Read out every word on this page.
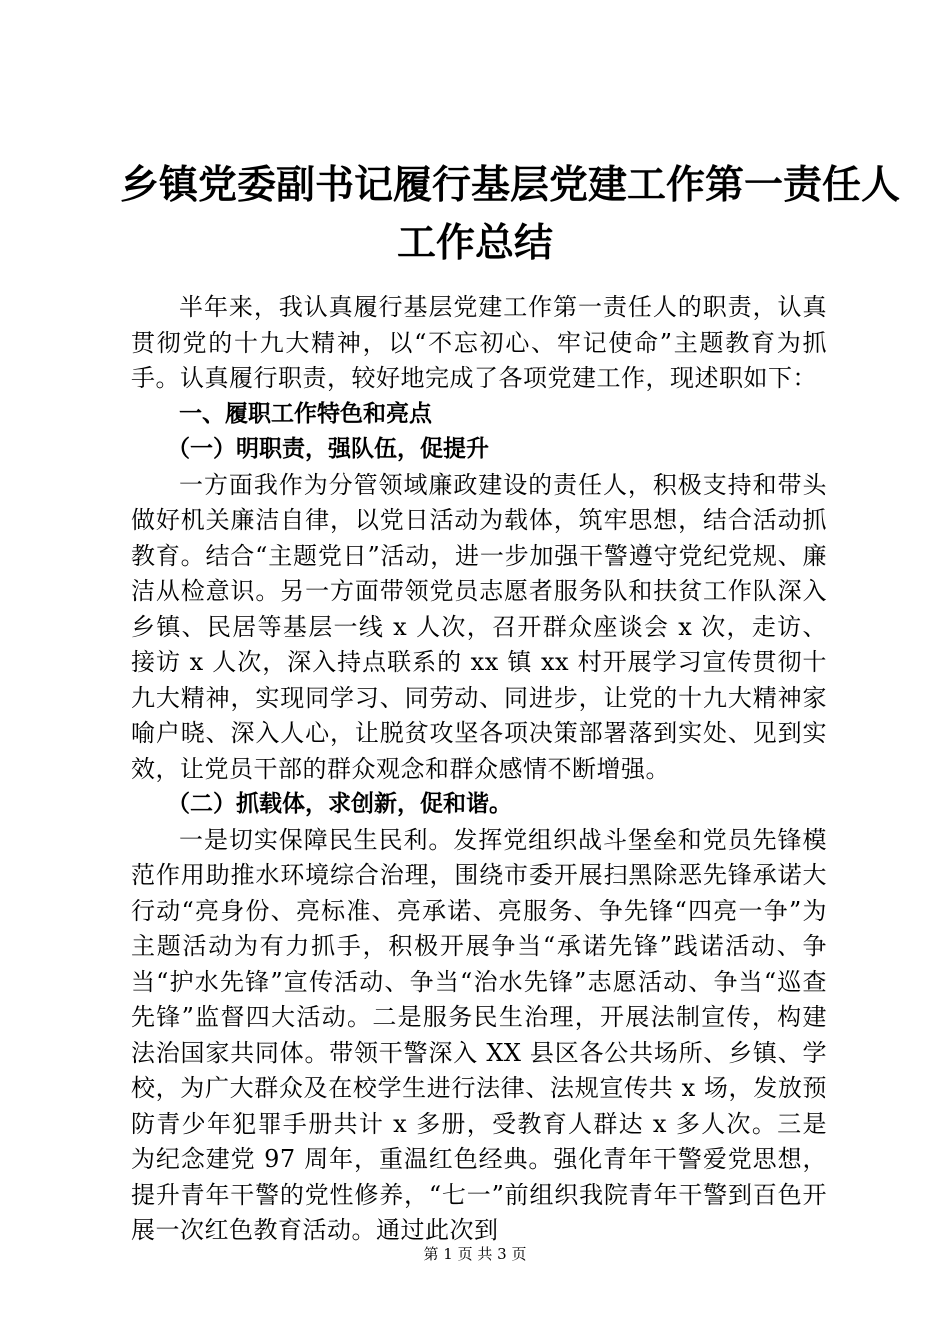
乡镇党委副书记履行基层党建工作第一责任人
工作总结

半年来，我认真履行基层党建工作第一责任人的职责，认真贯彻党的十九大精神，以“不忘初心、牢记使命”主题教育为抓手。认真履行职责，较好地完成了各项党建工作，现述职如下：

一、履职工作特色和亮点

（一）明职责，强队伍，促提升

一方面我作为分管领域廉政建设的责任人，积极支持和带头做好机关廉洁自律，以党日活动为载体，筑牢思想，结合活动抓教育。结合“主题党日”活动，进一步加强干警遵守党纪党规、廉洁从检意识。另一方面带领党员志愿者服务队和扶贫工作队深入乡镇、民居等基层一线 x 人次，召开群众座谈会 x 次，走访、接访 x 人次，深入持点联系的 xx 镇 xx 村开展学习宣传贯彻十九大精神，实现同学习、同劳动、同进步，让党的十九大精神家喻户晓、深入人心，让脱贫攻坚各项决策部署落到实处、见到实效，让党员干部的群众观念和群众感情不断增强。

（二）抓载体，求创新，促和谐。

一是切实保障民生民利。发挥党组织战斗堡垒和党员先锋模范作用助推水环境综合治理，围绕市委开展扫黑除恶先锋承诺大行动“亮身份、亮标准、亮承诺、亮服务、争先锋“四亮一争”为主题活动为有力抓手，积极开展争当“承诺先锋”践诺活动、争当“护水先锋”宣传活动、争当“治水先锋”志愿活动、争当“巡查先锋”监督四大活动。二是服务民生治理，开展法制宣传，构建法治国家共同体。带领干警深入 XX 县区各公共场所、乡镇、学校，为广大群众及在校学生进行法律、法规宣传共 x 场，发放预防青少年犯罪手册共计 x 多册，受教育人群达 x 多人次。三是为纪念建党 97 周年，重温红色经典。强化青年干警爱党思想，提升青年干警的党性修养，“七一”前组织我院青年干警到百色开展一次红色教育活动。通过此次到

第 1 页 共 3 页
